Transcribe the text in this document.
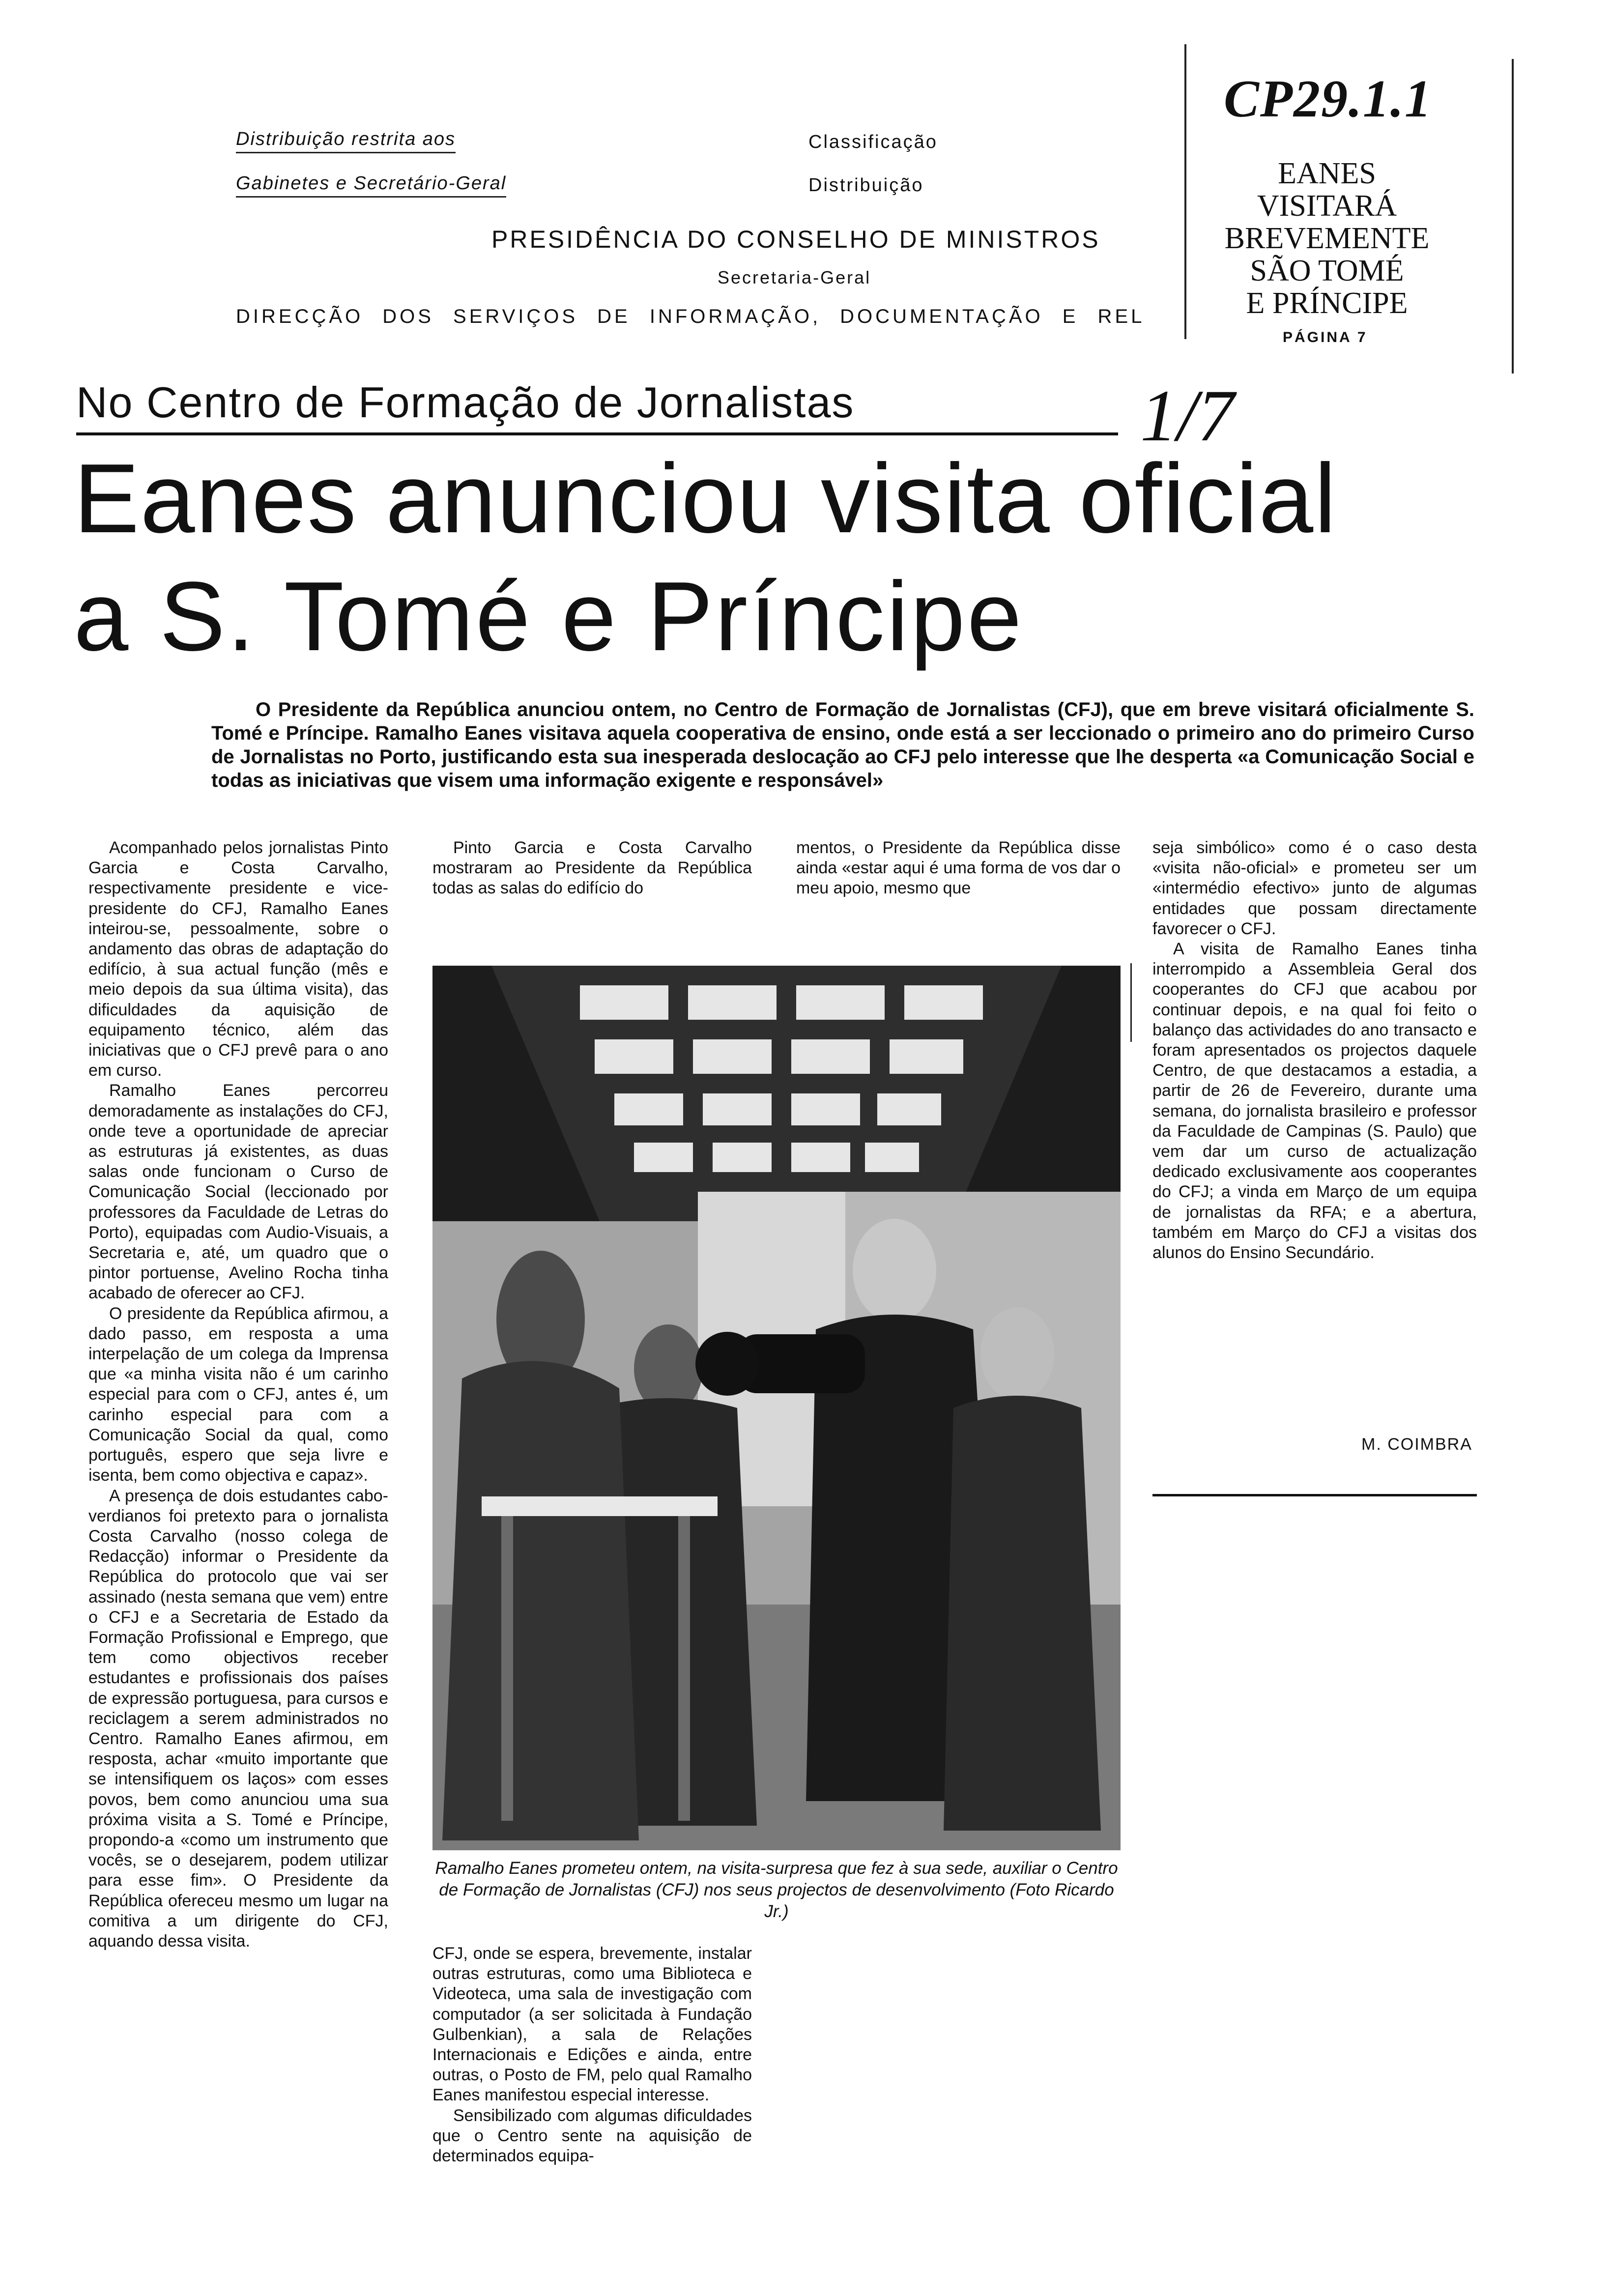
Distribuição restrita aos
Gabinetes e Secretário-Geral
Classificação
Distribuição
PRESIDÊNCIA DO CONSELHO DE MINISTROS
Secretaria-Geral
DIRECÇÃO DOS SERVIÇOS DE INFORMAÇÃO, DOCUMENTAÇÃO E REL
CP29.1.1
EANES VISITARÁ
BREVEMENTE
SÃO TOMÉ
E PRÍNCIPE
PÁGINA 7
No Centro de Formação de Jornalistas	1/7
Eanes anunciou visita oficial
a S. Tomé e Príncipe
O Presidente da República anunciou ontem, no Centro de Formação de Jornalistas (CFJ), que em breve visitará oficialmente S. Tomé e Príncipe. Ramalho Eanes visitava aquela cooperativa de ensino, onde está a ser leccionado o primeiro ano do primeiro Curso de Jornalistas no Porto, justificando esta sua inesperada deslocação ao CFJ pelo interesse que lhe desperta «a Comunicação Social e todas as iniciativas que visem uma informação exigente e responsável»

Acompanhado pelos jornalistas Pinto Garcia e Costa Carvalho, respectivamente presidente e vice-presidente do CFJ, Ramalho Eanes inteirou-se, pessoalmente, sobre o andamento das obras de adaptação do edifício, à sua actual função (mês e meio depois da sua última visita), das dificuldades da aquisição de equipamento técnico, além das iniciativas que o CFJ prevê para o ano em curso.

Ramalho Eanes percorreu demoradamente as instalações do CFJ, onde teve a oportunidade de apreciar as estruturas já existentes, as duas salas onde funcionam o Curso de Comunicação Social (leccionado por professores da Faculdade de Letras do Porto), equipadas com Audio-Visuais, a Secretaria e, até, um quadro que o pintor portuense, Avelino Rocha tinha acabado de oferecer ao CFJ.

O presidente da República afirmou, a dado passo, em resposta a uma interpelação de um colega da Imprensa que «a minha visita não é um carinho especial para com o CFJ, antes é, um carinho especial para com a Comunicação Social da qual, como português, espero que seja livre e isenta, bem como objectiva e capaz».

A presença de dois estudantes cabo-verdianos foi pretexto para o jornalista Costa Carvalho (nosso colega de Redacção) informar o Presidente da República do protocolo que vai ser assinado (nesta semana que vem) entre o CFJ e a Secretaria de Estado da Formação Profissional e Emprego, que tem como objectivos receber estudantes e profissionais dos países de expressão portuguesa, para cursos e reciclagem a serem administrados no Centro. Ramalho Eanes afirmou, em resposta, achar «muito importante que se intensifiquem os laços» com esses povos, bem como anunciou uma sua próxima visita a S. Tomé e Príncipe, propondo-a «como um instrumento que vocês, se o desejarem, podem utilizar para esse fim». O Presidente da República ofereceu mesmo um lugar na comitiva a um dirigente do CFJ, aquando dessa visita.

Pinto Garcia e Costa Carvalho mostraram ao Presidente da República todas as salas do edifício do

mentos, o Presidente da República disse ainda «estar aqui é uma forma de vos dar o meu apoio, mesmo que

Ramalho Eanes prometeu ontem, na visita-surpresa que fez à sua sede, auxiliar o Centro de Formação de Jornalistas (CFJ) nos seus projectos de desenvolvimento (Foto Ricardo Jr.)

CFJ, onde se espera, brevemente, instalar outras estruturas, como uma Biblioteca e Videoteca, uma sala de investigação com computador (a ser solicitada à Fundação Gulbenkian), a sala de Relações Internacionais e Edições e ainda, entre outras, o Posto de FM, pelo qual Ramalho Eanes manifestou especial interesse.

Sensibilizado com algumas dificuldades que o Centro sente na aquisição de determinados equipa-

seja simbólico» como é o caso desta «visita não-oficial» e prometeu ser um «intermédio efectivo» junto de algumas entidades que possam directamente favorecer o CFJ.

A visita de Ramalho Eanes tinha interrompido a Assembleia Geral dos cooperantes do CFJ que acabou por continuar depois, e na qual foi feito o balanço das actividades do ano transacto e foram apresentados os projectos daquele Centro, de que destacamos a estadia, a partir de 26 de Fevereiro, durante uma semana, do jornalista brasileiro e professor da Faculdade de Campinas (S. Paulo) que vem dar um curso de actualização dedicado exclusivamente aos cooperantes do CFJ; a vinda em Março de um equipa de jornalistas da RFA; e a abertura, também em Março do CFJ a visitas dos alunos do Ensino Secundário.

M. COIMBRA
